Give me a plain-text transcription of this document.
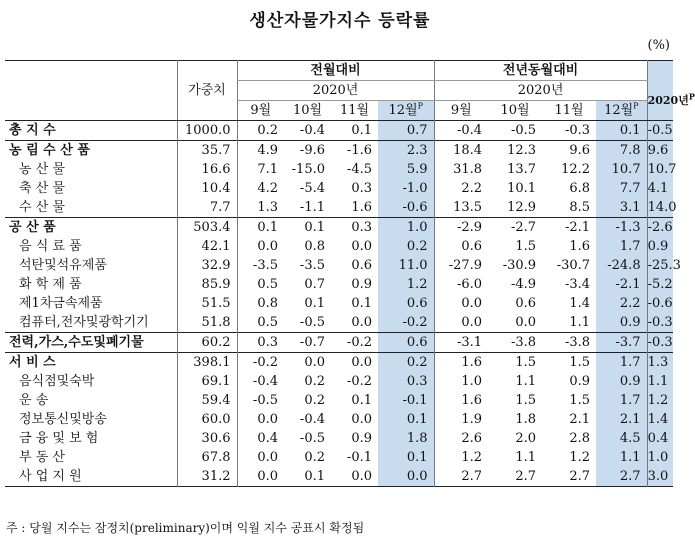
생산자물가지수 등락률
(%)
	가중치	전월대비				전년동월대비				
		2020년				2020년				2020년$^P$
		9월	10월	11월	12월$^P$	9월	10월	11월	12월$^P$
총 지 수	1000.0	0.2	-0.4	0.1	0.7	-0.4	-0.5	-0.3	0.1	-0.5
농 림 수 산 품	35.7	4.9	-9.6	-1.6	2.3	18.4	12.3	9.6	7.8	9.6
농 산 물	16.6	7.1	-15.0	-4.5	5.9	31.8	13.7	12.2	10.7	10.7
축 산 물	10.4	4.2	-5.4	0.3	-1.0	2.2	10.1	6.8	7.7	4.1
수 산 물	7.7	1.3	-1.1	1.6	-0.6	13.5	12.9	8.5	3.1	14.0
공 산 품	503.4	0.1	0.1	0.3	1.0	-2.9	-2.7	-2.1	-1.3	-2.6
음 식 료 품	42.1	0.0	0.8	0.0	0.2	0.6	1.5	1.6	1.7	0.9
석탄및석유제품	32.9	-3.5	-3.5	0.6	11.0	-27.9	-30.9	-30.7	-24.8	-25.3
화 학 제 품	85.9	0.5	0.7	0.9	1.2	-6.0	-4.9	-3.4	-2.1	-5.2
제1차금속제품	51.5	0.8	0.1	0.1	0.6	0.0	0.6	1.4	2.2	-0.6
컴퓨터,전자및광학기기	51.8	0.5	-0.5	0.0	-0.2	0.0	0.0	1.1	0.9	-0.3
전력,가스,수도및폐기물	60.2	0.3	-0.7	-0.2	0.6	-3.1	-3.8	-3.8	-3.7	-0.3
서 비 스	398.1	-0.2	0.0	0.0	0.2	1.6	1.5	1.5	1.7	1.3
음식점및숙박	69.1	-0.4	0.2	-0.2	0.3	1.0	1.1	0.9	0.9	1.1
운 송	59.4	-0.5	0.2	0.1	-0.1	1.6	1.5	1.5	1.7	1.2
정보통신및방송	60.0	0.0	-0.4	0.0	0.1	1.9	1.8	2.1	2.1	1.4
금 융 및 보 험	30.6	0.4	-0.5	0.9	1.8	2.6	2.0	2.8	4.5	0.4
부 동 산	67.8	0.0	0.2	-0.1	0.1	1.2	1.1	1.2	1.1	1.0
사 업 지 원	31.2	0.0	0.1	0.0	0.0	2.7	2.7	2.7	2.7	3.0
주 : 당월 지수는 잠정치(preliminary)이며 익월 지수 공표시 확정됨
